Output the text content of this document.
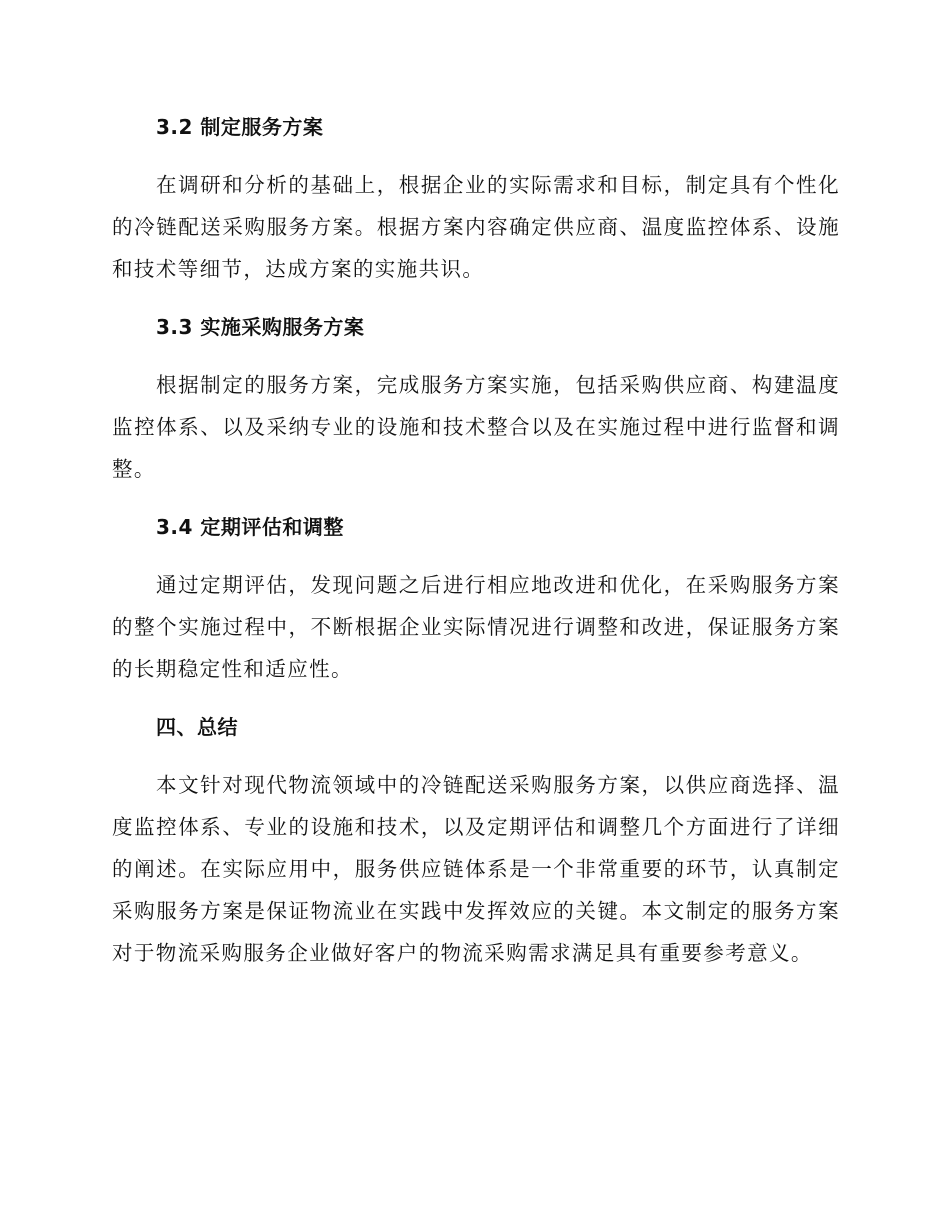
3.2 制定服务方案

在调研和分析的基础上，根据企业的实际需求和目标，制定具有个性化的冷链配送采购服务方案。根据方案内容确定供应商、温度监控体系、设施和技术等细节，达成方案的实施共识。

3.3 实施采购服务方案

根据制定的服务方案，完成服务方案实施，包括采购供应商、构建温度监控体系、以及采纳专业的设施和技术整合以及在实施过程中进行监督和调整。

3.4 定期评估和调整

通过定期评估，发现问题之后进行相应地改进和优化，在采购服务方案的整个实施过程中，不断根据企业实际情况进行调整和改进，保证服务方案的长期稳定性和适应性。

四、总结

本文针对现代物流领域中的冷链配送采购服务方案，以供应商选择、温度监控体系、专业的设施和技术，以及定期评估和调整几个方面进行了详细的阐述。在实际应用中，服务供应链体系是一个非常重要的环节，认真制定采购服务方案是保证物流业在实践中发挥效应的关键。本文制定的服务方案对于物流采购服务企业做好客户的物流采购需求满足具有重要参考意义。
